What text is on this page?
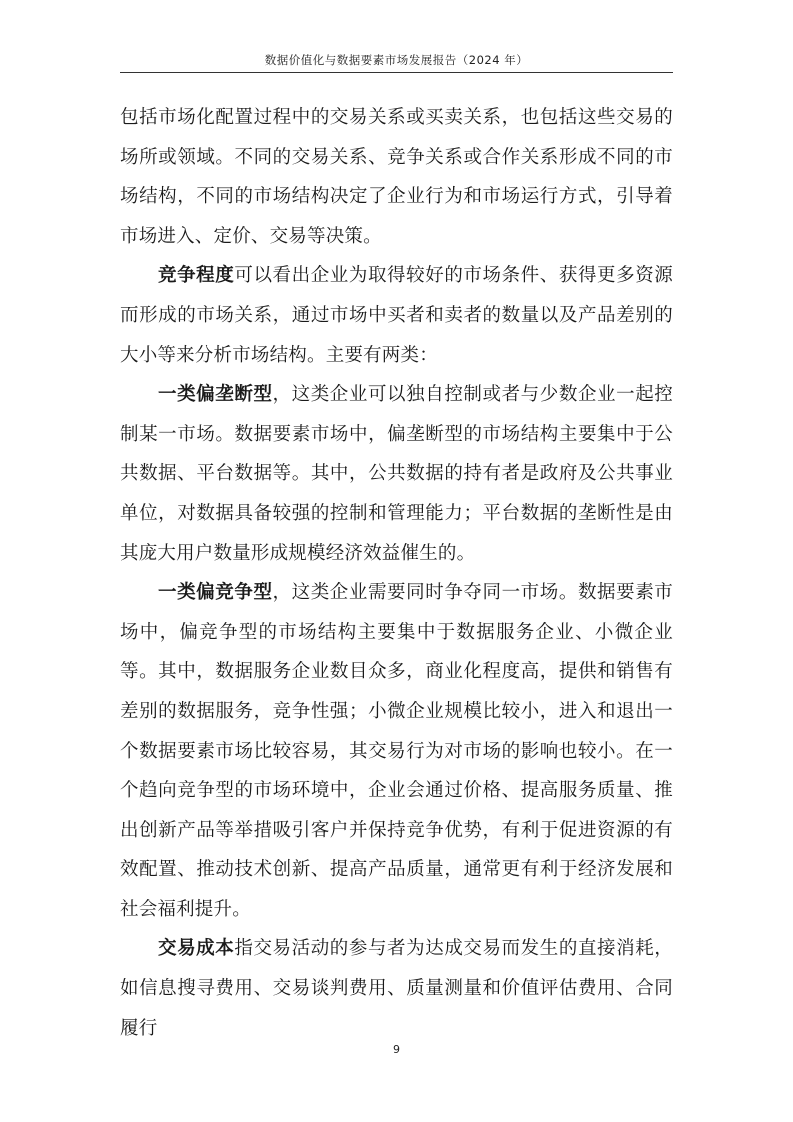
数据价值化与数据要素市场发展报告（2024 年）

包括市场化配置过程中的交易关系或买卖关系，也包括这些交易的场所或领域。不同的交易关系、竞争关系或合作关系形成不同的市场结构，不同的市场结构决定了企业行为和市场运行方式，引导着市场进入、定价、交易等决策。

竞争程度可以看出企业为取得较好的市场条件、获得更多资源而形成的市场关系，通过市场中买者和卖者的数量以及产品差别的大小等来分析市场结构。主要有两类：

一类偏垄断型，这类企业可以独自控制或者与少数企业一起控制某一市场。数据要素市场中，偏垄断型的市场结构主要集中于公共数据、平台数据等。其中，公共数据的持有者是政府及公共事业单位，对数据具备较强的控制和管理能力；平台数据的垄断性是由其庞大用户数量形成规模经济效益催生的。

一类偏竞争型，这类企业需要同时争夺同一市场。数据要素市场中，偏竞争型的市场结构主要集中于数据服务企业、小微企业等。其中，数据服务企业数目众多，商业化程度高，提供和销售有差别的数据服务，竞争性强；小微企业规模比较小，进入和退出一个数据要素市场比较容易，其交易行为对市场的影响也较小。在一个趋向竞争型的市场环境中，企业会通过价格、提高服务质量、推出创新产品等举措吸引客户并保持竞争优势，有利于促进资源的有效配置、推动技术创新、提高产品质量，通常更有利于经济发展和社会福利提升。

交易成本指交易活动的参与者为达成交易而发生的直接消耗，如信息搜寻费用、交易谈判费用、质量测量和价值评估费用、合同履行

9
